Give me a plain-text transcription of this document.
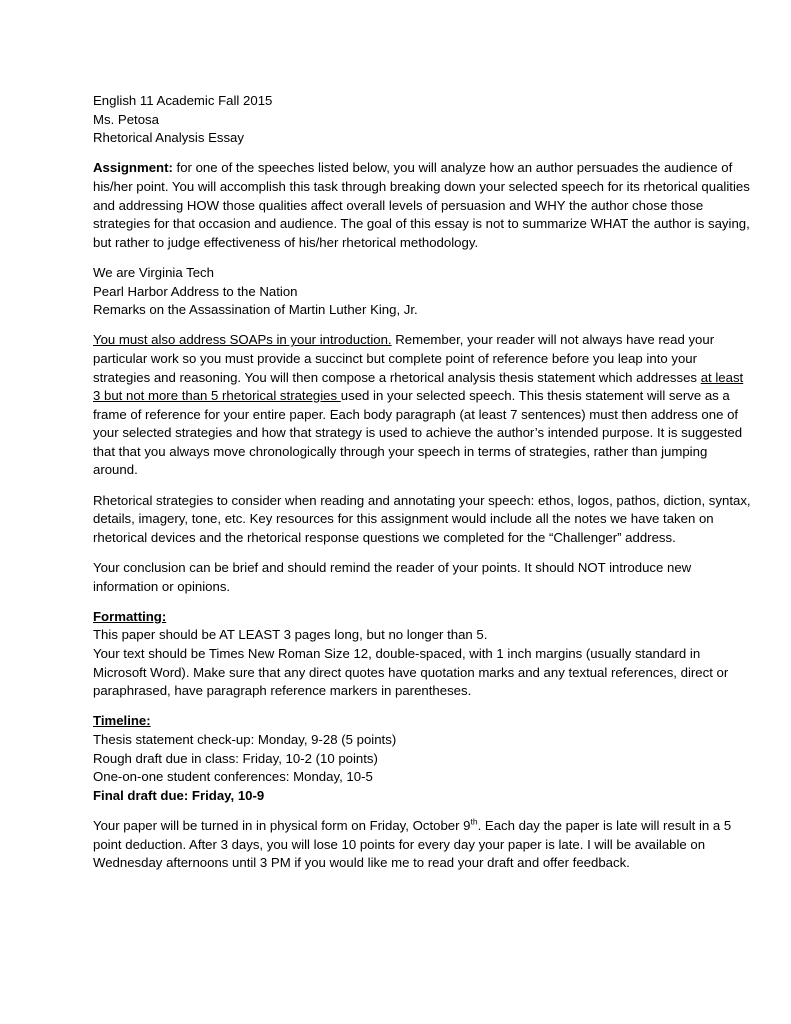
English 11 Academic Fall 2015
Ms. Petosa
Rhetorical Analysis Essay

Assignment: for one of the speeches listed below, you will analyze how an author persuades the audience of his/her point. You will accomplish this task through breaking down your selected speech for its rhetorical qualities and addressing HOW those qualities affect overall levels of persuasion and WHY the author chose those strategies for that occasion and audience. The goal of this essay is not to summarize WHAT the author is saying, but rather to judge effectiveness of his/her rhetorical methodology.

We are Virginia Tech
Pearl Harbor Address to the Nation
Remarks on the Assassination of Martin Luther King, Jr.

You must also address SOAPs in your introduction. Remember, your reader will not always have read your particular work so you must provide a succinct but complete point of reference before you leap into your strategies and reasoning. You will then compose a rhetorical analysis thesis statement which addresses at least 3 but not more than 5 rhetorical strategies used in your selected speech. This thesis statement will serve as a frame of reference for your entire paper. Each body paragraph (at least 7 sentences) must then address one of your selected strategies and how that strategy is used to achieve the author’s intended purpose. It is suggested that that you always move chronologically through your speech in terms of strategies, rather than jumping around.

Rhetorical strategies to consider when reading and annotating your speech: ethos, logos, pathos, diction, syntax, details, imagery, tone, etc. Key resources for this assignment would include all the notes we have taken on rhetorical devices and the rhetorical response questions we completed for the “Challenger” address.

Your conclusion can be brief and should remind the reader of your points. It should NOT introduce new information or opinions.

Formatting:
This paper should be AT LEAST 3 pages long, but no longer than 5.
Your text should be Times New Roman Size 12, double-spaced, with 1 inch margins (usually standard in Microsoft Word). Make sure that any direct quotes have quotation marks and any textual references, direct or paraphrased, have paragraph reference markers in parentheses.
Timeline:
Thesis statement check-up: Monday, 9-28 (5 points)
Rough draft due in class: Friday, 10-2 (10 points)
One-on-one student conferences: Monday, 10-5
Final draft due: Friday, 10-9

Your paper will be turned in in physical form on Friday, October 9th. Each day the paper is late will result in a 5 point deduction. After 3 days, you will lose 10 points for every day your paper is late. I will be available on Wednesday afternoons until 3 PM if you would like me to read your draft and offer feedback.
